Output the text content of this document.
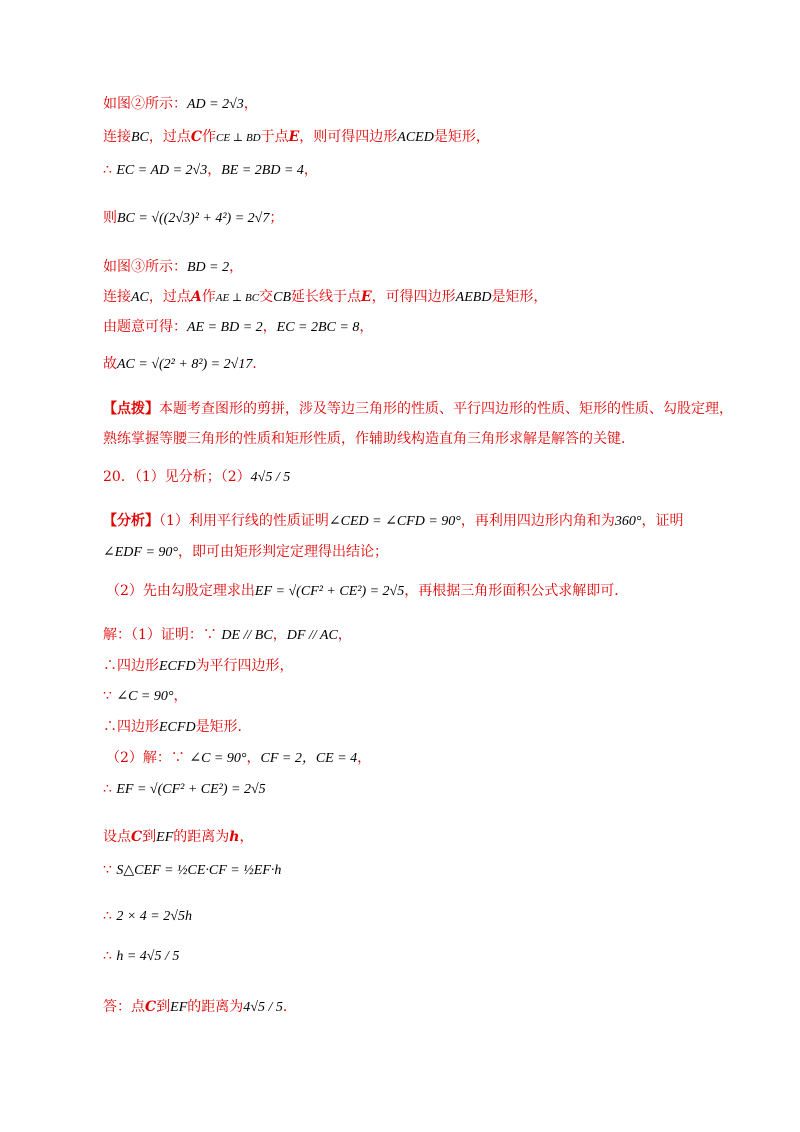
如图②所示：AD = 2√3，
连接BC，过点C作CE ⊥ BD于点E，则可得四边形ACED是矩形，
∴ EC = AD = 2√3，BE = 2BD = 4，
则BC = √((2√3)² + 4²) = 2√7；
如图③所示：BD = 2，
连接AC，过点A作AE ⊥ BC交CB延长线于点E，可得四边形AEBD是矩形，
由题意可得：AE = BD = 2，EC = 2BC = 8，
故AC = √(2² + 8²) = 2√17．
【点拨】本题考查图形的剪拼，涉及等边三角形的性质、平行四边形的性质、矩形的性质、勾股定理，
熟练掌握等腰三角形的性质和矩形性质，作辅助线构造直角三角形求解是解答的关键．
20．（1）见分析；（2）4√5 / 5
【分析】（1）利用平行线的性质证明∠CED = ∠CFD = 90°，再利用四边形内角和为360°，证明
∠EDF = 90°，即可由矩形判定定理得出结论；
（2）先由勾股定理求出EF = √(CF² + CE²) = 2√5，再根据三角形面积公式求解即可．
解：（1）证明：∵ DE // BC，DF // AC，
∴四边形ECFD为平行四边形，
∵ ∠C = 90°，
∴四边形ECFD是矩形．
（2）解：∵ ∠C = 90°，CF = 2，CE = 4，
∴ EF = √(CF² + CE²) = 2√5
设点C到EF的距离为h，
∵ S△CEF = ½CE·CF = ½EF·h
∴ 2 × 4 = 2√5h
∴ h = 4√5 / 5
答：点C到EF的距离为4√5 / 5．
